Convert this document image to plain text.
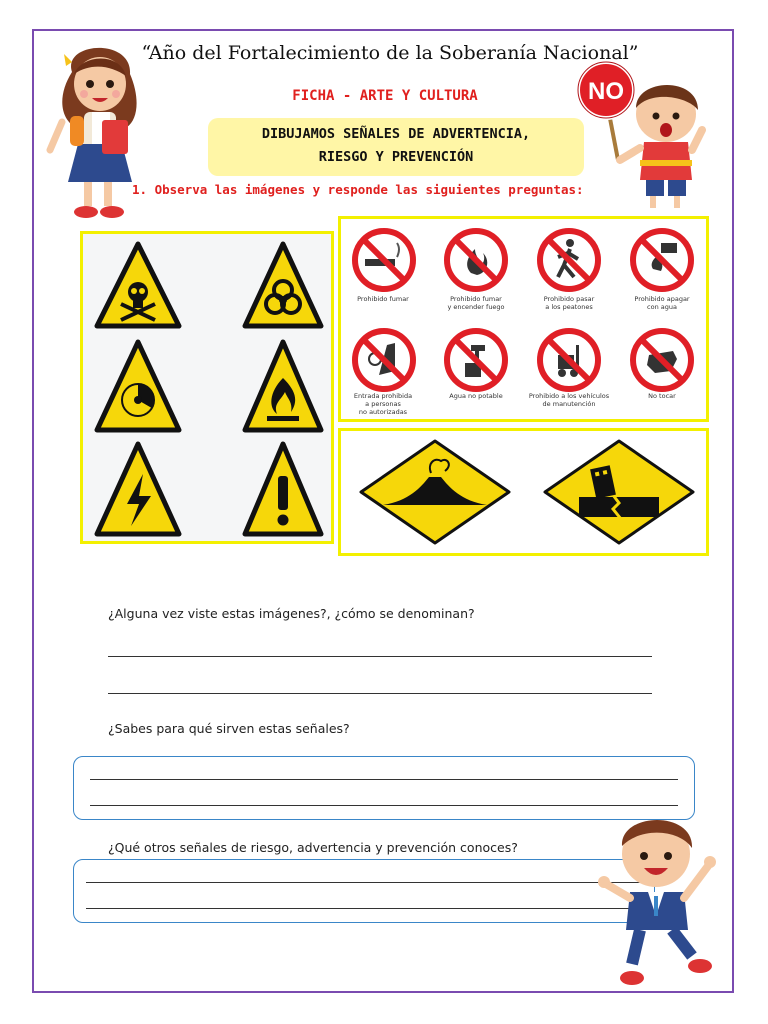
NO
“Año del Fortalecimiento de la Soberanía Nacional”
FICHA - ARTE Y CULTURA
DIBUJAMOS SEÑALES DE ADVERTENCIA,
RIESGO Y PREVENCIÓN
1. Observa las imágenes y responde las siguientes preguntas:
Prohibido fumar	Prohibido fumar
y encender fuego
Prohibido pasar
a los peatones
Prohibido apagar
con agua
Entrada prohibida
a personas
no autorizadas
Agua no potable	Prohibido a los vehículos
de manutención
No tocar
¿Alguna vez viste estas imágenes?, ¿cómo se denominan?
¿Sabes para qué sirven estas señales?
¿Qué otros señales de riesgo, advertencia y prevención conoces?
